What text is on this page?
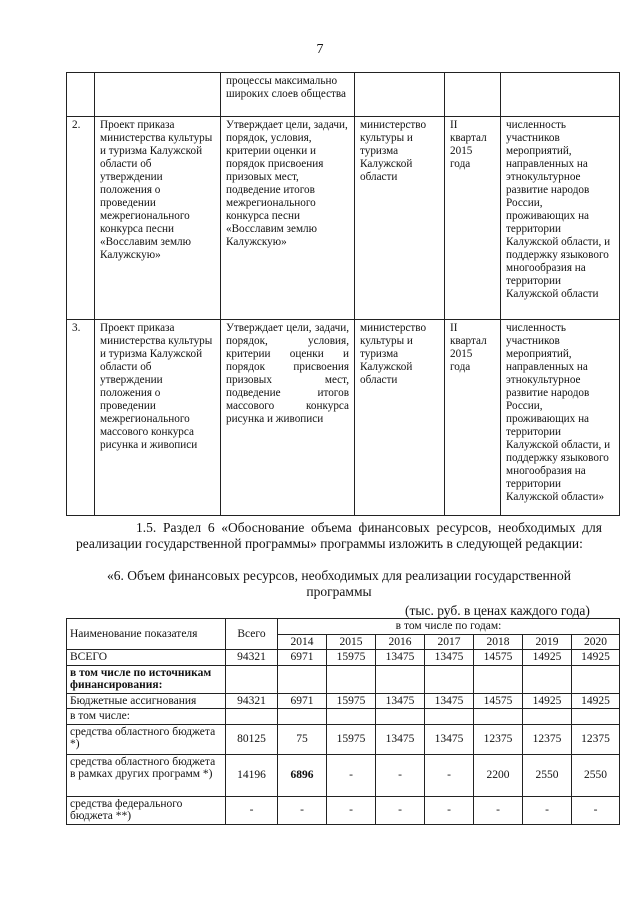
7
		процессы максимально широких слоев общества			
2.	Проект приказа министерства культуры и туризма Калужской области об утверждении положения о проведении межрегионального конкурса песни «Восславим землю Калужскую»	Утверждает цели, задачи, порядок, условия, критерии оценки и порядок присвоения призовых мест, подведение итогов межрегионального конкурса песни «Восславим землю Калужскую»	министерство культуры и туризма Калужской области	II квартал 2015 года	численность участников мероприятий, направленных на этнокультурное развитие народов России, проживающих на территории Калужской области, и поддержку языкового многообразия на территории Калужской области
3.	Проект приказа министерства культуры и туризма Калужской области об утверждении положения о проведении межрегионального массового конкурса рисунка и живописи	Утверждает цели, задачи, порядок, условия, критерии оценки и порядок присвоения призовых мест, подведение итогов массового конкурса рисунка и живописи	министерство культуры и туризма Калужской области	II квартал 2015 года	численность участников мероприятий, направленных на этнокультурное развитие народов России, проживающих на территории Калужской области, и поддержку языкового многообразия на территории Калужской области»
1.5. Раздел 6 «Обоснование объема финансовых ресурсов, необходимых для реализации государственной программы» программы изложить в следующей редакции:
«6. Объем финансовых ресурсов, необходимых для реализации государственной программы
(тыс. руб. в ценах каждого года)
Наименование показателя	Всего	в том числе по годам:						
		2014	2015	2016	2017	2018	2019	2020
ВСЕГО	94321	6971	15975	13475	13475	14575	14925	14925
в том числе по источникам финансирования:								
Бюджетные ассигнования	94321	6971	15975	13475	13475	14575	14925	14925
в том числе:								
средства областного бюджета *)	80125	75	15975	13475	13475	12375	12375	12375
средства областного бюджета в рамках других программ *)	14196	6896	-	-	-	2200	2550	2550
средства федерального бюджета **)	-	-	-	-	-	-	-	-
